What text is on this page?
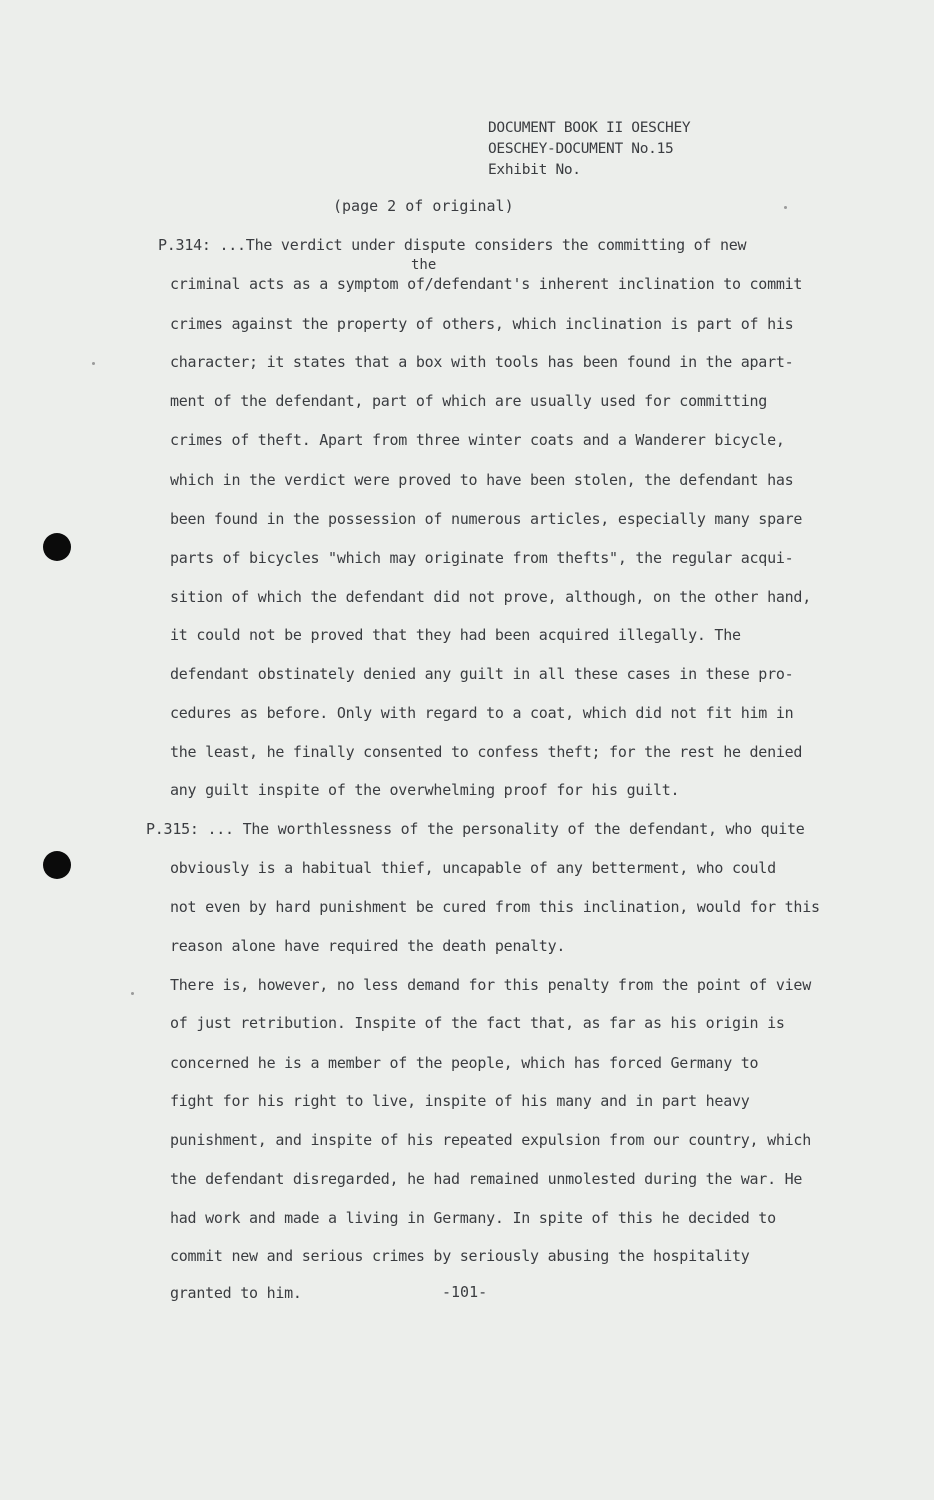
DOCUMENT BOOK II OESCHEY
OESCHEY-DOCUMENT No.15
Exhibit No.
(page 2 of original)
the
P.314: ...The verdict under dispute considers the committing of new
criminal acts as a symptom of/defendant's inherent inclination to commit
crimes against the property of others, which inclination is part of his
character; it states that a box with tools has been found in the apart-
ment of the defendant, part of which are usually used for committing
crimes of theft. Apart from three winter coats and a Wanderer bicycle,
which in the verdict were proved to have been stolen, the defendant has
been found in the possession of numerous articles, especially many spare
parts of bicycles "which may originate from thefts", the regular acqui-
sition of which the defendant did not prove, although, on the other hand,
it could not be proved that they had been acquired illegally. The
defendant obstinately denied any guilt in all these cases in these pro-
cedures as before. Only with regard to a coat, which did not fit him in
the least, he finally consented to confess theft; for the rest he denied
any guilt inspite of the overwhelming proof for his guilt.
P.315: ... The worthlessness of the personality of the defendant, who quite
obviously is a habitual thief, uncapable of any betterment, who could
not even by hard punishment be cured from this inclination, would for this
reason alone have required the death penalty.
There is, however, no less demand for this penalty from the point of view
of just retribution. Inspite of the fact that, as far as his origin is
concerned he is a member of the people, which has forced Germany to
fight for his right to live, inspite of his many and in part heavy
punishment, and inspite of his repeated expulsion from our country, which
the defendant disregarded, he had remained unmolested during the war. He
had work and made a living in Germany. In spite of this he decided to
commit new and serious crimes by seriously abusing the hospitality
granted to him.	-101-
